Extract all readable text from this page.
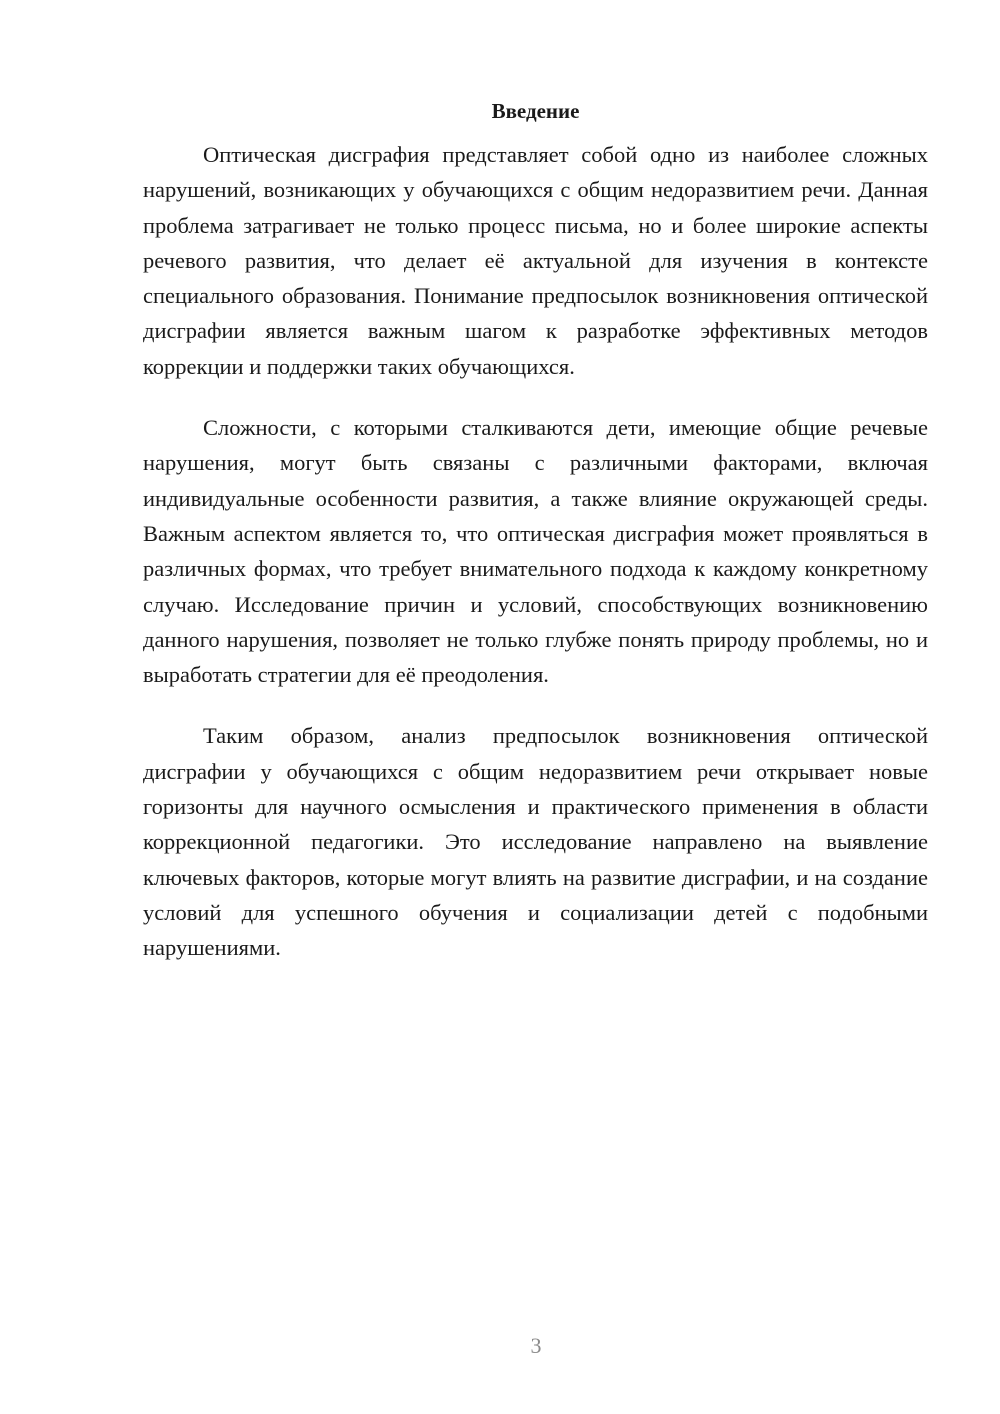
Введение

Оптическая дисграфия представляет собой одно из наиболее сложных нарушений, возникающих у обучающихся с общим недоразвитием речи. Данная проблема затрагивает не только процесс письма, но и более широкие аспекты речевого развития, что делает её актуальной для изучения в контексте специального образования. Понимание предпосылок возникновения оптической дисграфии является важным шагом к разработке эффективных методов коррекции и поддержки таких обучающихся.

Сложности, с которыми сталкиваются дети, имеющие общие речевые нарушения, могут быть связаны с различными факторами, включая индивидуальные особенности развития, а также влияние окружающей среды. Важным аспектом является то, что оптическая дисграфия может проявляться в различных формах, что требует внимательного подхода к каждому конкретному случаю. Исследование причин и условий, способствующих возникновению данного нарушения, позволяет не только глубже понять природу проблемы, но и выработать стратегии для её преодоления.

Таким образом, анализ предпосылок возникновения оптической дисграфии у обучающихся с общим недоразвитием речи открывает новые горизонты для научного осмысления и практического применения в области коррекционной педагогики. Это исследование направлено на выявление ключевых факторов, которые могут влиять на развитие дисграфии, и на создание условий для успешного обучения и социализации детей с подобными нарушениями.

3
